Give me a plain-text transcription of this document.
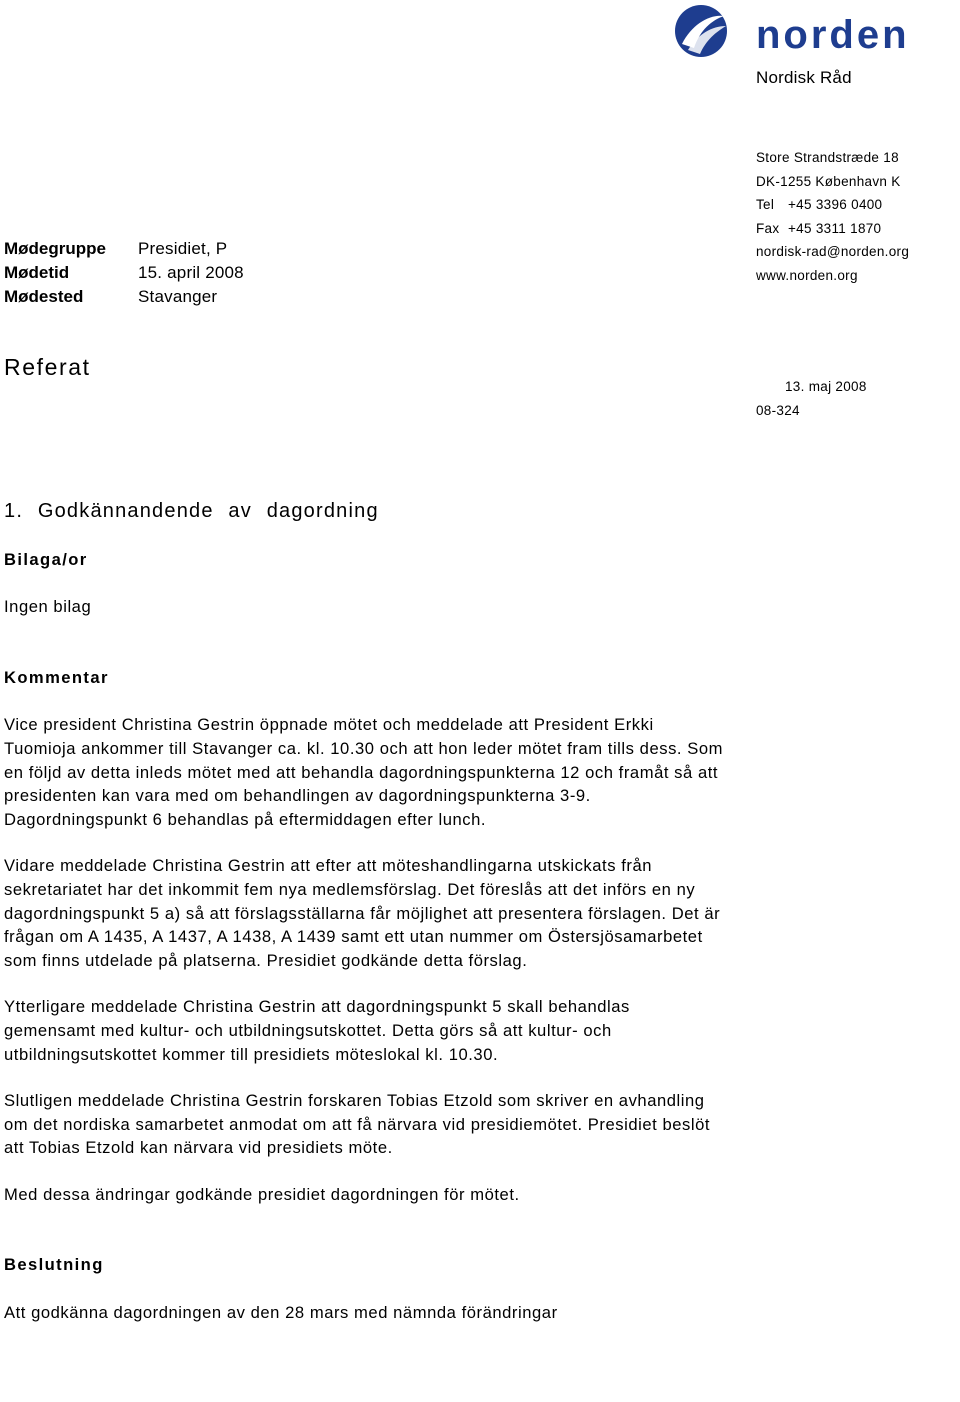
norden
Nordisk Råd
Store Strandstræde 18
DK-1255 København K
Tel +45 3396 0400
Fax +45 3311 1870
nordisk-rad@norden.org
www.norden.org
Mødegruppe Presidiet, P
Mødetid	15. april 2008
Mødested	Stavanger
Referat
13. maj 2008
08-324
1. Godkännandende av dagordning

Bilaga/or

Ingen bilag

Kommentar

Vice president Christina Gestrin öppnade mötet och meddelade att President Erkki Tuomioja ankommer till Stavanger ca. kl. 10.30 och att hon leder mötet fram tills dess. Som en följd av detta inleds mötet med att behandla dagordningspunkterna 12 och framåt så att presidenten kan vara med om behandlingen av dagordningspunkterna 3-9. Dagordningspunkt 6 behandlas på eftermiddagen efter lunch.

Vidare meddelade Christina Gestrin att efter att möteshandlingarna utskickats från sekretariatet har det inkommit fem nya medlemsförslag. Det föreslås att det införs en ny dagordningspunkt 5 a) så att förslagsställarna får möjlighet att presentera förslagen. Det är frågan om A 1435, A 1437, A 1438, A 1439 samt ett utan nummer om Östersjösamarbetet som finns utdelade på platserna. Presidiet godkände detta förslag.

Ytterligare meddelade Christina Gestrin att dagordningspunkt 5 skall behandlas gemensamt med kultur- och utbildningsutskottet. Detta görs så att kultur- och utbildningsutskottet kommer till presidiets möteslokal kl. 10.30.

Slutligen meddelade Christina Gestrin forskaren Tobias Etzold som skriver en avhandling om det nordiska samarbetet anmodat om att få närvara vid presidiemötet. Presidiet beslöt att Tobias Etzold kan närvara vid presidiets möte.

Med dessa ändringar godkände presidiet dagordningen för mötet.

Beslutning

Att godkänna dagordningen av den 28 mars med nämnda förändringar
